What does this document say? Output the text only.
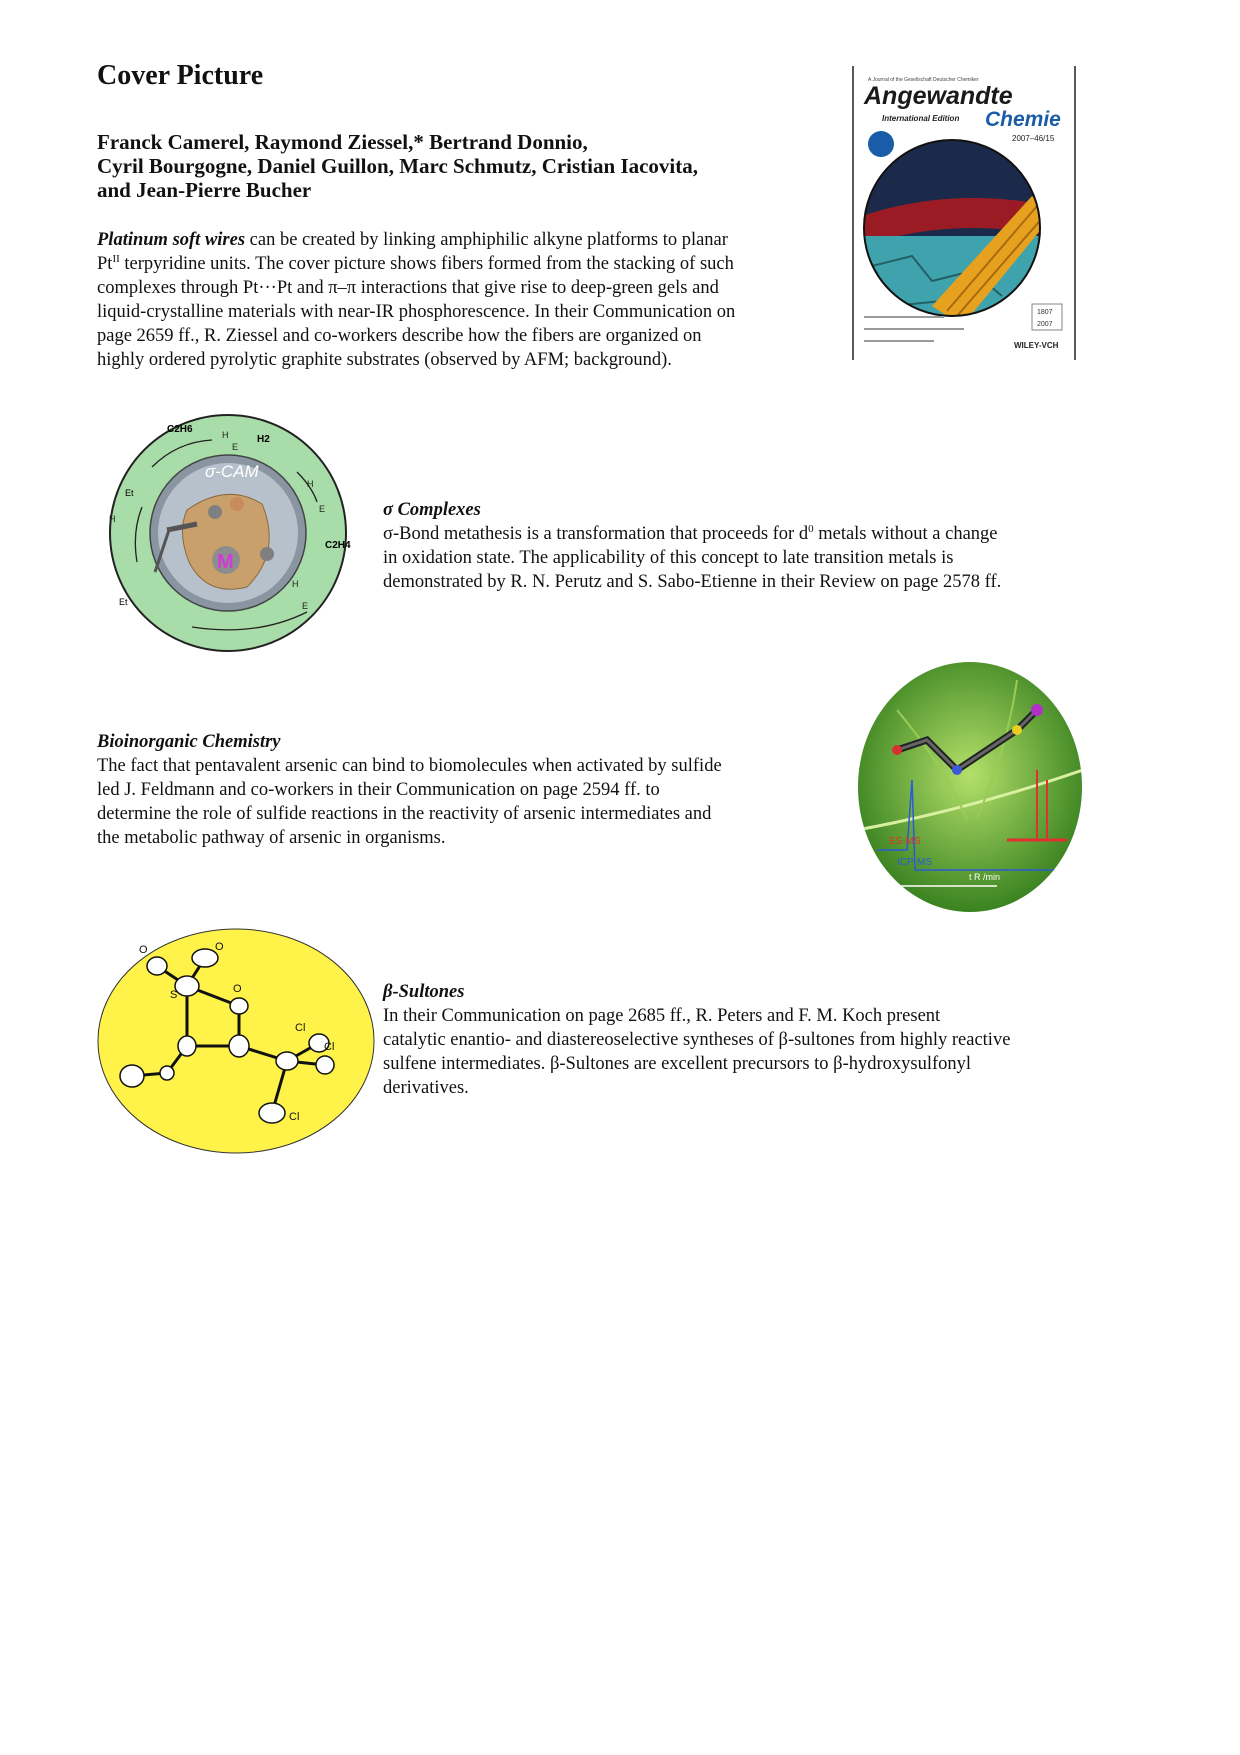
Cover Picture
Franck Camerel, Raymond Ziessel,* Bertrand Donnio,
Cyril Bourgogne, Daniel Guillon, Marc Schmutz, Cristian Iacovita,
and Jean-Pierre Bucher

Platinum soft wires can be created by linking amphiphilic alkyne platforms to planar

$Pt^{II}$ terpyridine units. The cover picture shows fibers formed from the stacking of such

complexes through Pt···Pt and π–π interactions that give rise to deep-green gels and

liquid-crystalline materials with near-IR phosphorescence. In their Communication on

page 2659 ff., R. Ziessel and co-workers describe how the fibers are organized on

highly ordered pyrolytic graphite substrates (observed by AFM; background).

A Journal of the Gesellschaft Deutscher Chemiker
Angewandte
Chemie
International Edition
2007–46/15
1807
2007
WILEY-VCH
σ-CAM
M
C2H6
H2
C2H4
Et
Et
H
H
H
H
E
E
E

σ Complexes

σ-Bond metathesis is a transformation that proceeds for $d^0$ metals without a change

in oxidation state. The applicability of this concept to late transition metals is

demonstrated by R. N. Perutz and S. Sabo-Etienne in their Review on page 2578 ff.

Bioinorganic Chemistry

The fact that pentavalent arsenic can bind to biomolecules when activated by sulfide

led J. Feldmann and co-workers in their Communication on page 2594 ff. to

determine the role of sulfide reactions in the reactivity of arsenic intermediates and

the metabolic pathway of arsenic in organisms.	ES-MS
ICP-MS
t R /min
O	O
O
S
Cl
Cl
Cl

β-Sultones

In their Communication on page 2685 ff., R. Peters and F. M. Koch present

catalytic enantio- and diastereoselective syntheses of β-sultones from highly reactive

sulfene intermediates. β-Sultones are excellent precursors to β-hydroxysulfonyl

derivatives.
